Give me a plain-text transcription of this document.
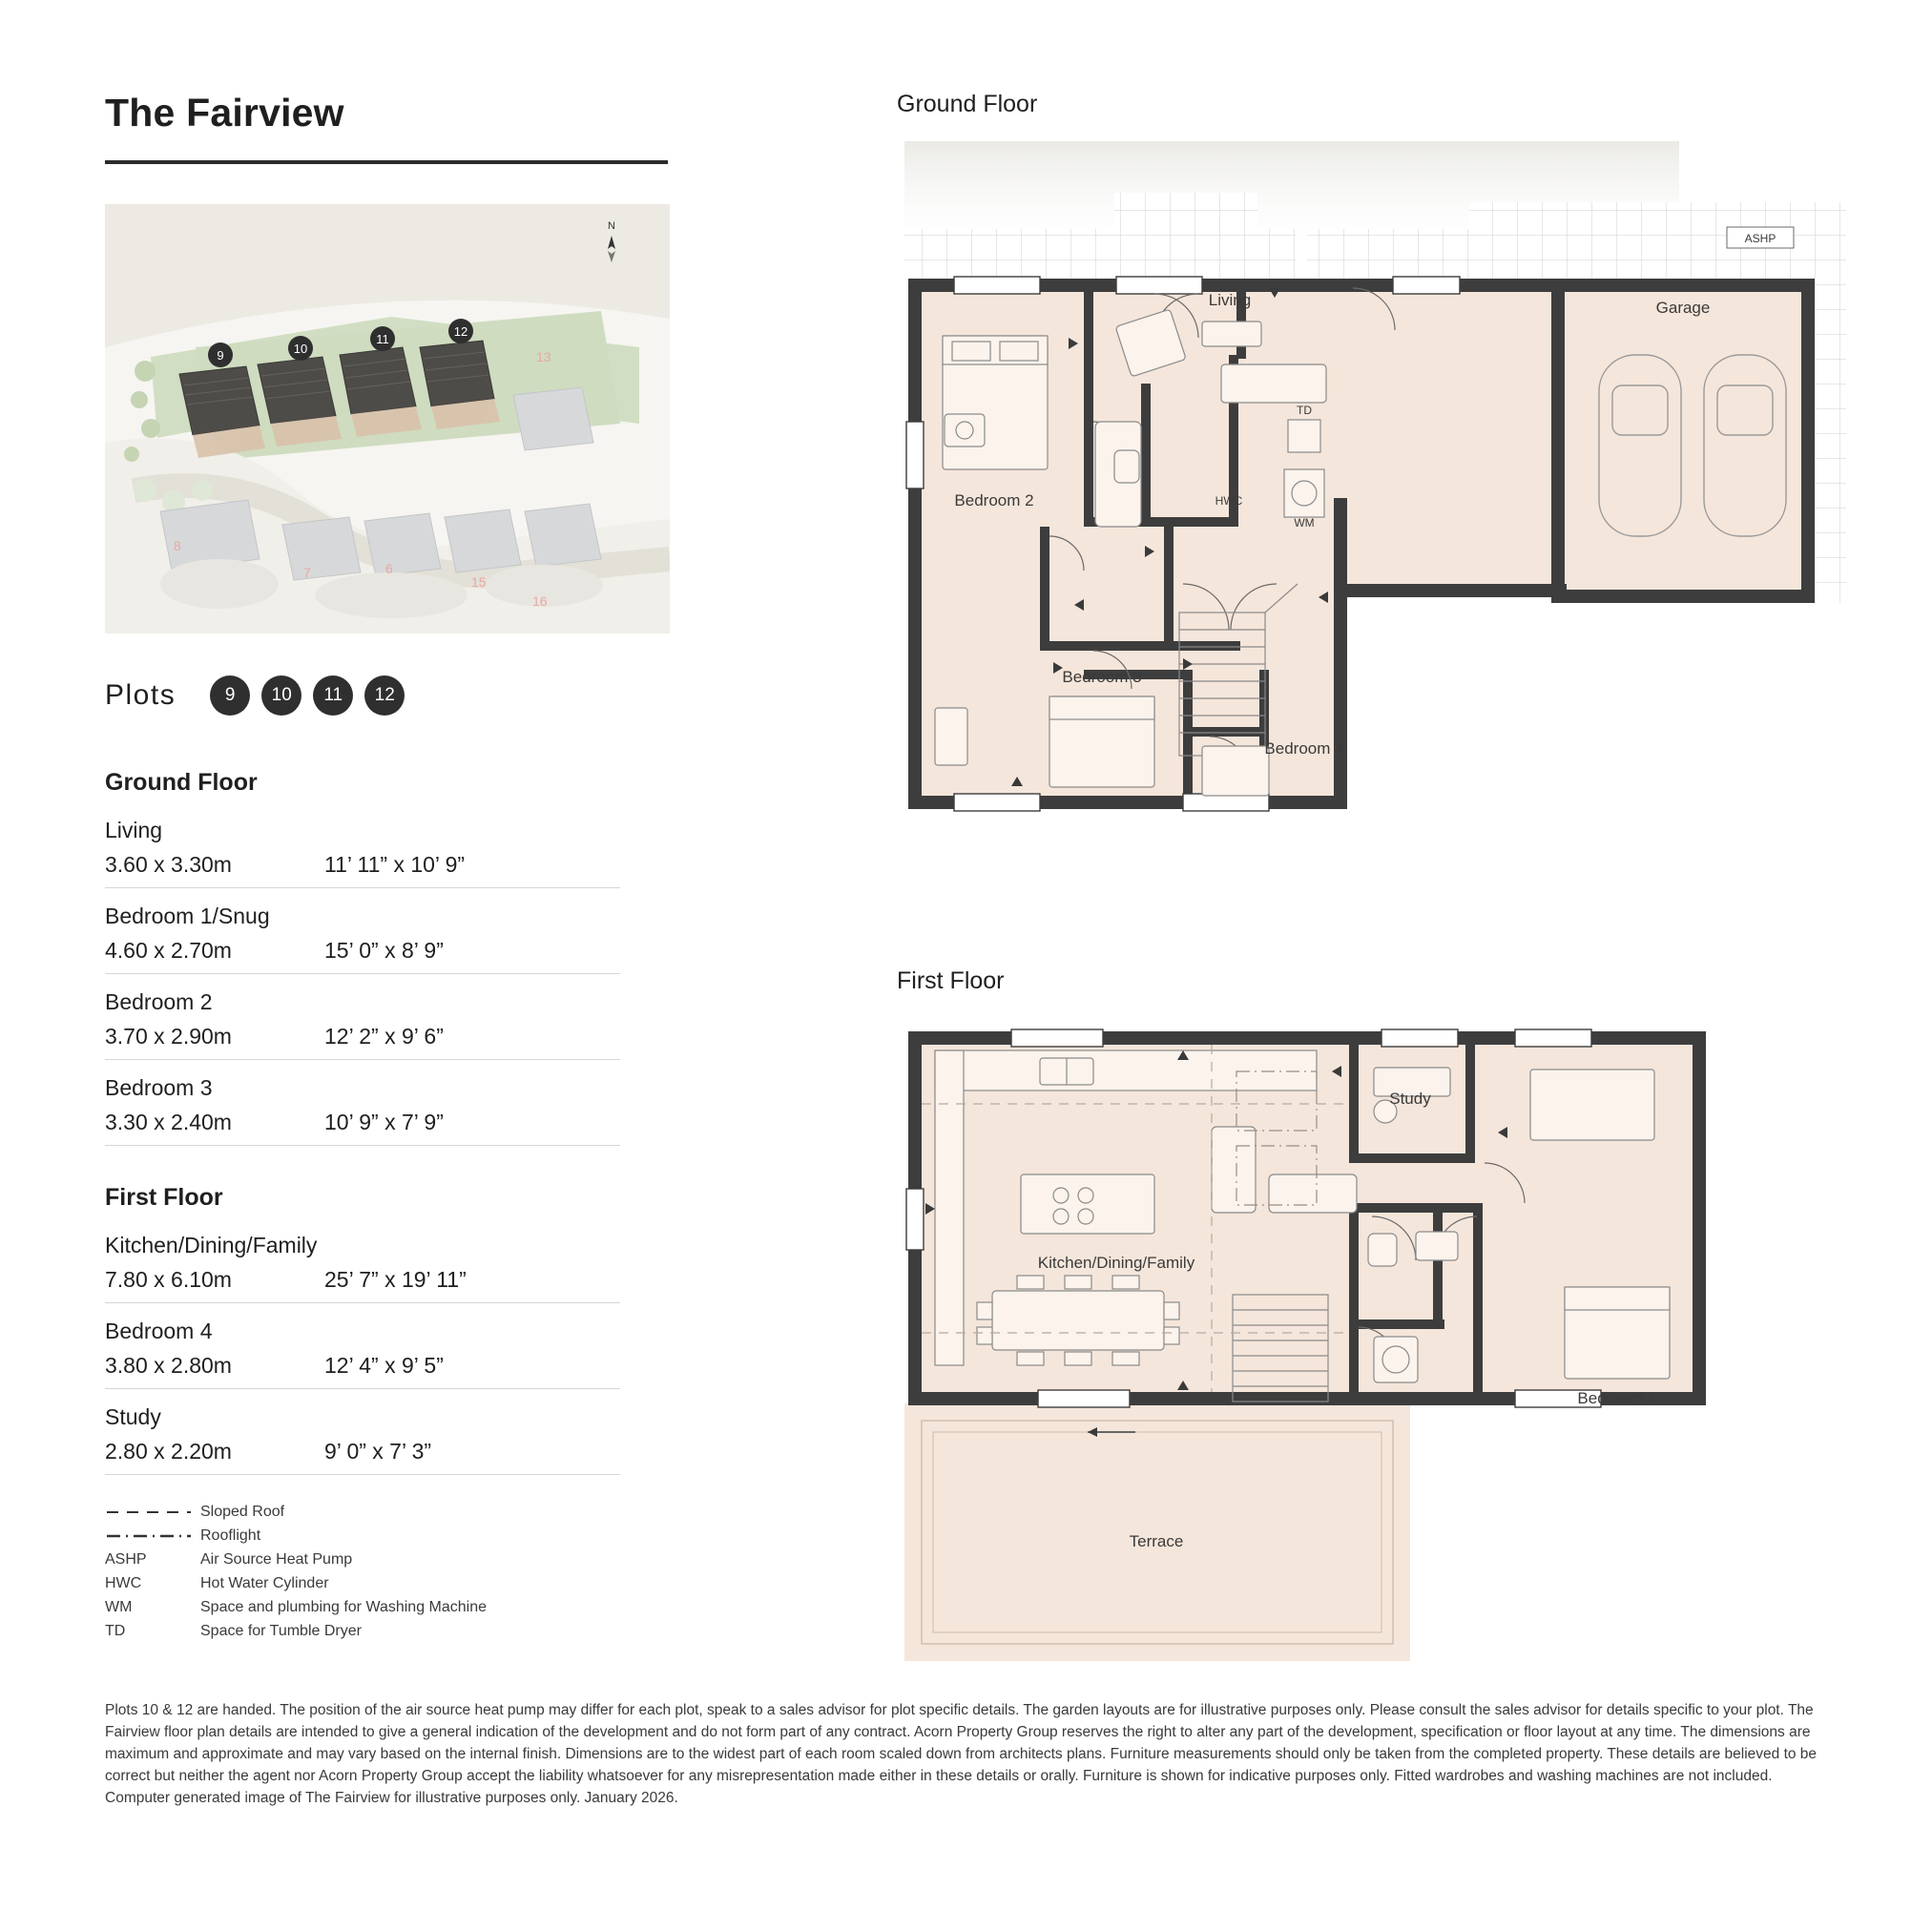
The Fairview
N
9	10
11
12
13
8
7	6
15
16
Plots	9	10	11	12
Ground Floor
Living
3.60 x 3.30m	11’ 11” x 10’ 9”
Bedroom 1/Snug
4.60 x 2.70m	15’ 0” x 8’ 9”
Bedroom 2
3.70 x 2.90m	12’ 2” x 9’ 6”
Bedroom 3
3.30 x 2.40m	10’ 9” x 7’ 9”
First Floor
Kitchen/Dining/Family
7.80 x 6.10m	25’ 7” x 19’ 11”
Bedroom 4
3.80 x 2.80m	12’ 4” x 9’ 5”
Study
2.80 x 2.20m	9’ 0” x 7’ 3”
Sloped Roof
Rooflight
ASHP	Air Source Heat Pump
HWC	Hot Water Cylinder
WM	Space and plumbing for Washing Machine
TD	Space for Tumble Dryer
Ground Floor
Living
Bedroom 2
Bedroom 3
Bedroom 4
Garage
HWC
TD
WM
ASHP
First Floor
Kitchen/Dining/Family
Study
Bedroom 1
Terrace
Plots 10 & 12 are handed. The position of the air source heat pump may differ for each plot, speak to a sales advisor for plot specific details. The garden layouts are for illustrative purposes only. Please consult the sales advisor for details specific to your plot. The Fairview floor plan details are intended to give a general indication of the development and do not form part of any contract. Acorn Property Group reserves the right to alter any part of the development, specification or floor layout at any time. The dimensions are maximum and approximate and may vary based on the internal finish. Dimensions are to the widest part of each room scaled down from architects plans. Furniture measurements should only be taken from the completed property. These details are believed to be correct but neither the agent nor Acorn Property Group accept the liability whatsoever for any misrepresentation made either in these details or orally. Furniture is shown for indicative purposes only. Fitted wardrobes and washing machines are not included. Computer generated image of The Fairview for illustrative purposes only. January 2026.
